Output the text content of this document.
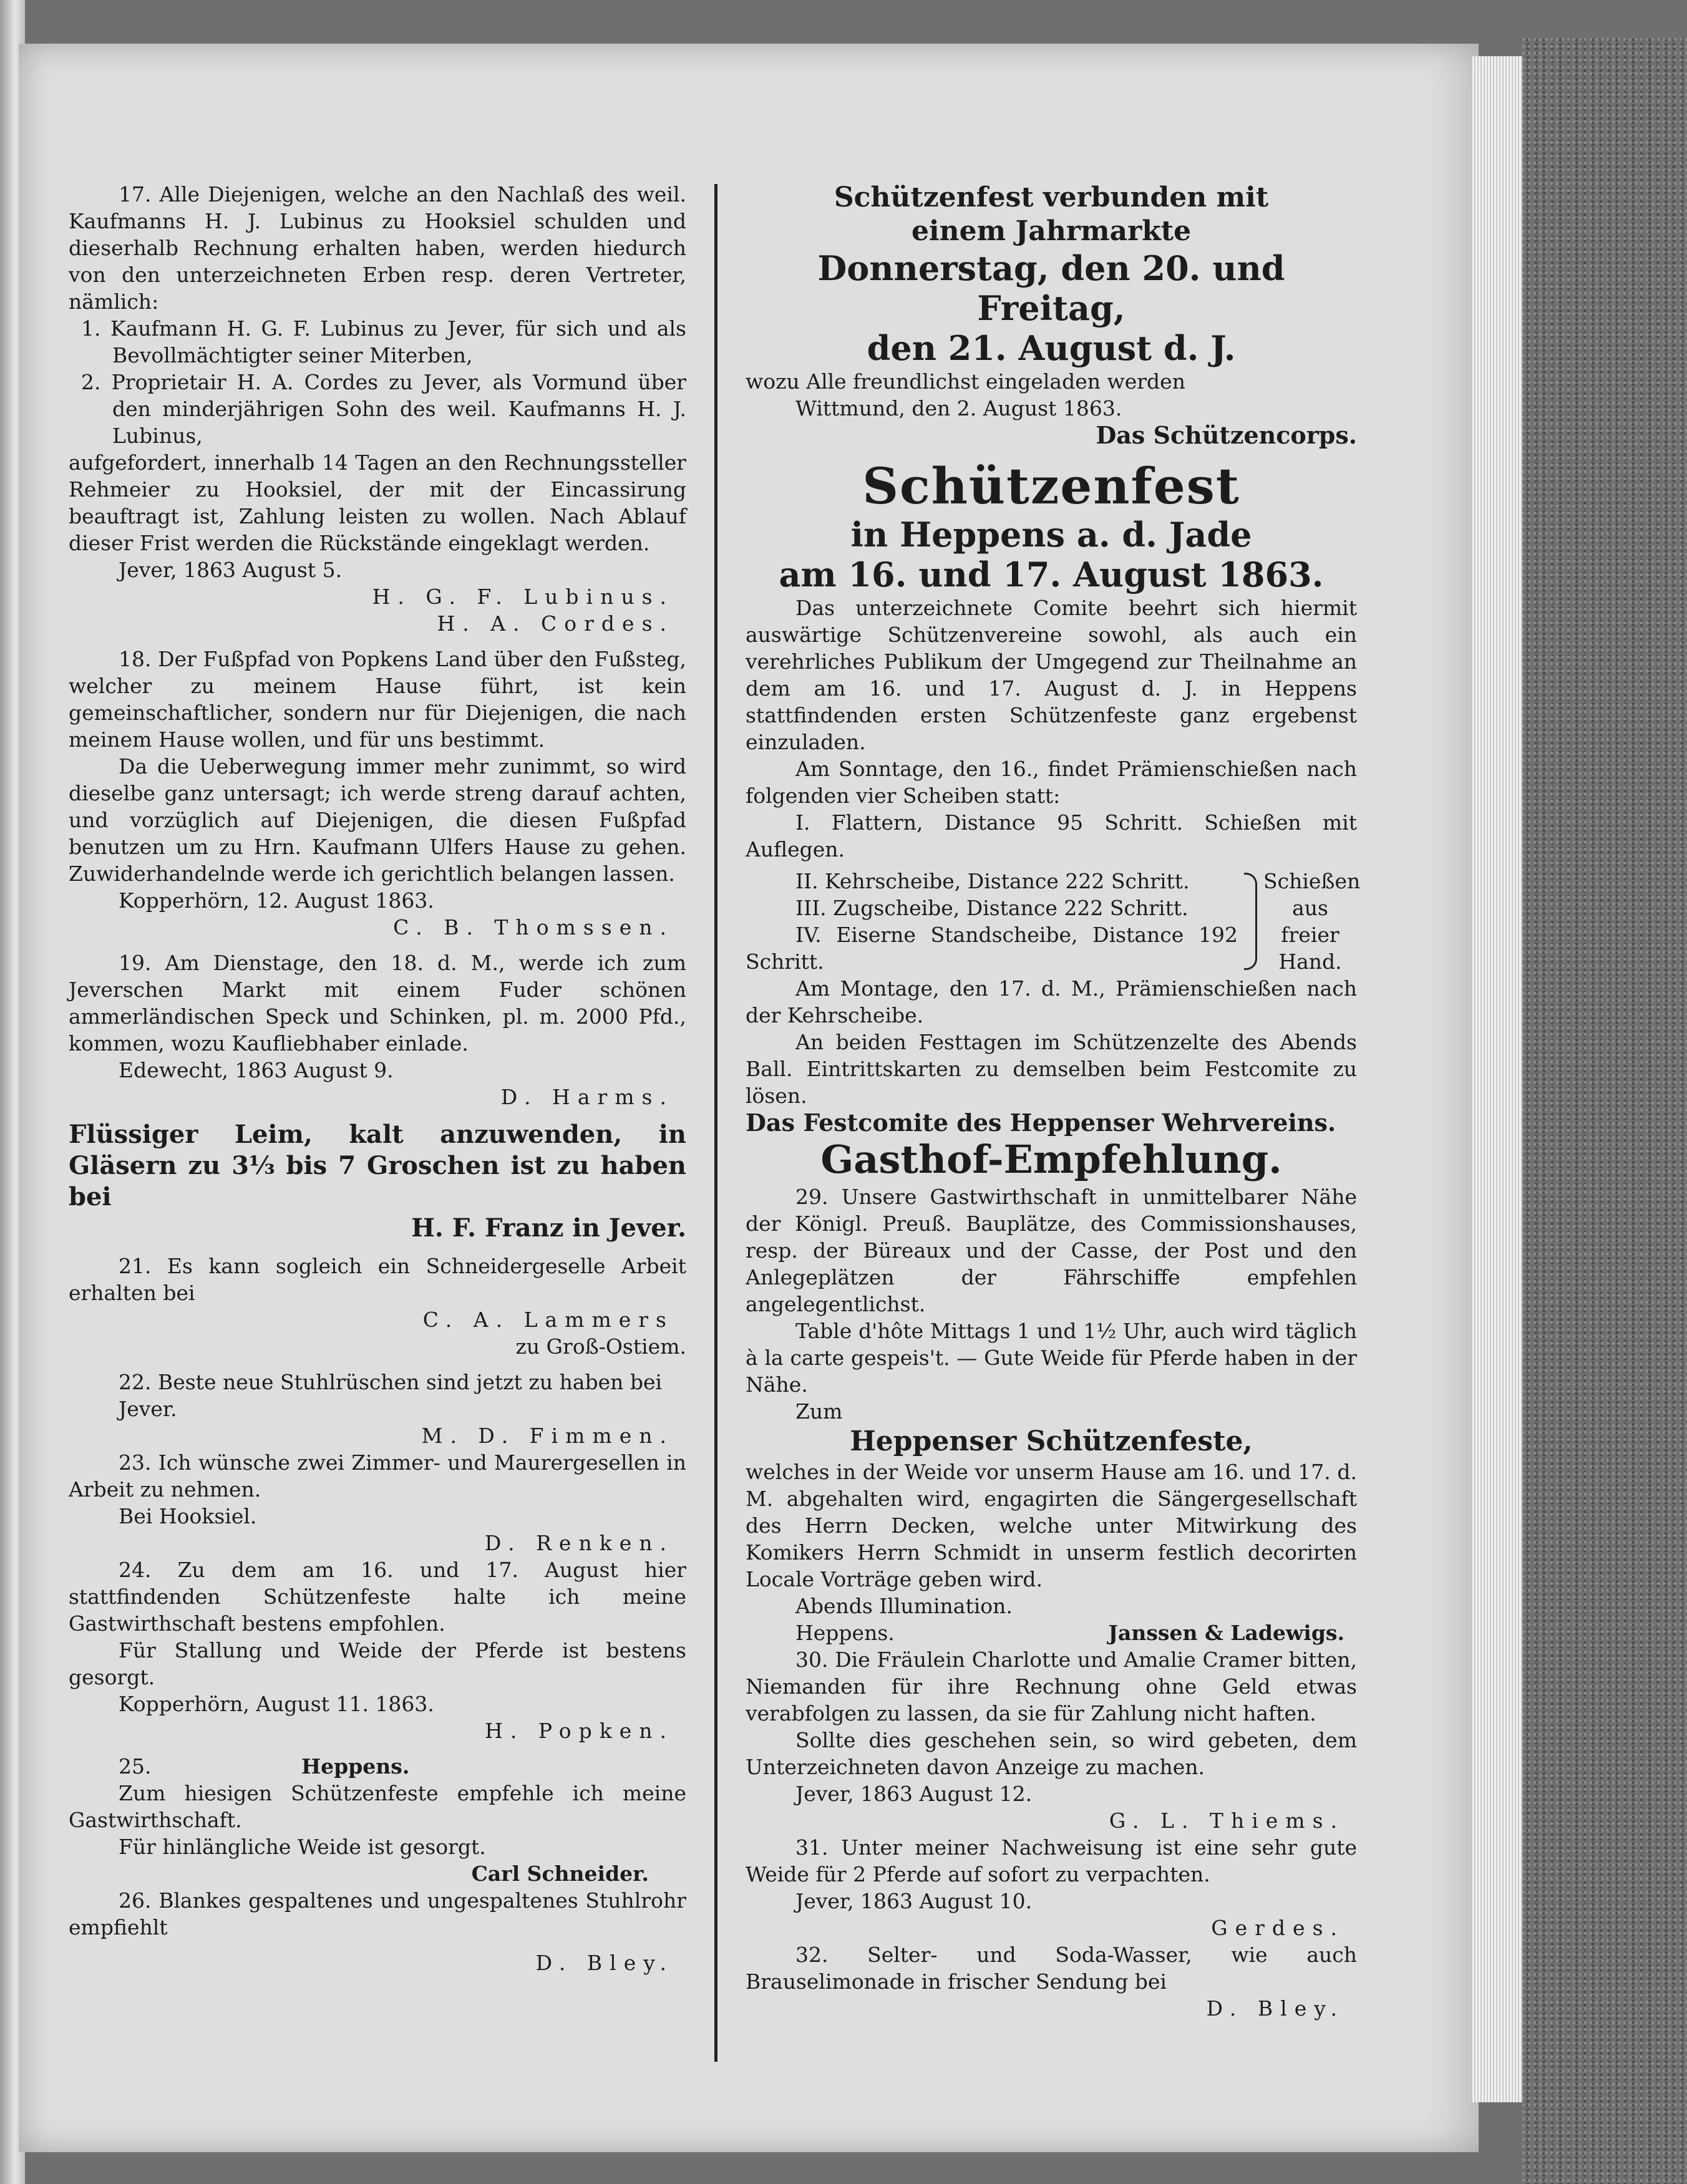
17. Alle Diejenigen, welche an den Nachlaß des weil. Kaufmanns H. J. Lubinus zu Hooksiel schulden und dieserhalb Rechnung erhalten haben, werden hiedurch von den unterzeichneten Erben resp. deren Vertreter, nämlich:

1. Kaufmann H. G. F. Lubinus zu Jever, für sich und als Bevollmächtigter seiner Miterben,

2. Proprietair H. A. Cordes zu Jever, als Vormund über den minderjährigen Sohn des weil. Kaufmanns H. J. Lubinus,

aufgefordert, innerhalb 14 Tagen an den Rechnungssteller Rehmeier zu Hooksiel, der mit der Eincassirung beauftragt ist, Zahlung leisten zu wollen. Nach Ablauf dieser Frist werden die Rückstände eingeklagt werden.

Jever, 1863 August 5.

H. G. F. Lubinus.

H. A. Cordes.

18. Der Fußpfad von Popkens Land über den Fußsteg, welcher zu meinem Hause führt, ist kein gemeinschaftlicher, sondern nur für Diejenigen, die nach meinem Hause wollen, und für uns bestimmt.

Da die Ueberwegung immer mehr zunimmt, so wird dieselbe ganz untersagt; ich werde streng darauf achten, und vorzüglich auf Diejenigen, die diesen Fußpfad benutzen um zu Hrn. Kaufmann Ulfers Hause zu gehen. Zuwiderhandelnde werde ich gerichtlich belangen lassen.

Kopperhörn, 12. August 1863.

C. B. Thomssen.

19. Am Dienstage, den 18. d. M., werde ich zum Jeverschen Markt mit einem Fuder schönen ammerländischen Speck und Schinken, pl. m. 2000 Pfd., kommen, wozu Kaufliebhaber einlade.

Edewecht, 1863 August 9.

D. Harms.

Flüssiger Leim, kalt anzuwenden, in Gläsern zu 3⅓ bis 7 Groschen ist zu haben bei

H. F. Franz in Jever.

21. Es kann sogleich ein Schneidergeselle Arbeit erhalten bei

C. A. Lammers

zu Groß-Ostiem.

22. Beste neue Stuhlrüschen sind jetzt zu haben bei

Jever.

M. D. Fimmen.

23. Ich wünsche zwei Zimmer- und Maurergesellen in Arbeit zu nehmen.

Bei Hooksiel.

D. Renken.

24. Zu dem am 16. und 17. August hier stattfindenden Schützenfeste halte ich meine Gastwirthschaft bestens empfohlen.

Für Stallung und Weide der Pferde ist bestens gesorgt.

Kopperhörn, August 11. 1863.

H. Popken.

25.	Heppens.

Zum hiesigen Schützenfeste empfehle ich meine Gastwirthschaft.

Für hinlängliche Weide ist gesorgt.

Carl Schneider.

26. Blankes gespaltenes und ungespaltenes Stuhlrohr empfiehlt

D. Bley.

Schützenfest verbunden mit

einem Jahrmarkte

Donnerstag, den 20. und Freitag,

den 21. August d. J.

wozu Alle freundlichst eingeladen werden

Wittmund, den 2. August 1863.

Das Schützencorps.

Schützenfest

in Heppens a. d. Jade

am 16. und 17. August 1863.

Das unterzeichnete Comite beehrt sich hiermit auswärtige Schützenvereine sowohl, als auch ein verehrliches Publikum der Umgegend zur Theilnahme an dem am 16. und 17. August d. J. in Heppens stattfindenden ersten Schützenfeste ganz ergebenst einzuladen.

Am Sonntage, den 16., findet Prämienschießen nach folgenden vier Scheiben statt:

I. Flattern, Distance 95 Schritt. Schießen mit Auflegen.

II. Kehrscheibe, Distance 222 Schritt.

III. Zugscheibe, Distance 222 Schritt.

IV. Eiserne Standscheibe, Distance 192 Schritt.

Schießen aus freier Hand.

Am Montage, den 17. d. M., Prämienschießen nach der Kehrscheibe.

An beiden Festtagen im Schützenzelte des Abends Ball. Eintrittskarten zu demselben beim Festcomite zu lösen.

Das Festcomite des Heppenser Wehrvereins.

Gasthof-Empfehlung.

29. Unsere Gastwirthschaft in unmittelbarer Nähe der Königl. Preuß. Bauplätze, des Commissionshauses, resp. der Büreaux und der Casse, der Post und den Anlegeplätzen der Fährschiffe empfehlen angelegentlichst.

Table d'hôte Mittags 1 und 1½ Uhr, auch wird täglich à la carte gespeis't. — Gute Weide für Pferde haben in der Nähe.

Zum

Heppenser Schützenfeste,

welches in der Weide vor unserm Hause am 16. und 17. d. M. abgehalten wird, engagirten die Sängergesellschaft des Herrn Decken, welche unter Mitwirkung des Komikers Herrn Schmidt in unserm festlich decorirten Locale Vorträge geben wird.

Abends Illumination.

Heppens.	Janssen & Ladewigs.

30. Die Fräulein Charlotte und Amalie Cramer bitten, Niemanden für ihre Rechnung ohne Geld etwas verabfolgen zu lassen, da sie für Zahlung nicht haften.

Sollte dies geschehen sein, so wird gebeten, dem Unterzeichneten davon Anzeige zu machen.

Jever, 1863 August 12.

G. L. Thiems.

31. Unter meiner Nachweisung ist eine sehr gute Weide für 2 Pferde auf sofort zu verpachten.

Jever, 1863 August 10.

Gerdes.

32. Selter- und Soda-Wasser, wie auch Brauselimonade in frischer Sendung bei

D. Bley.
